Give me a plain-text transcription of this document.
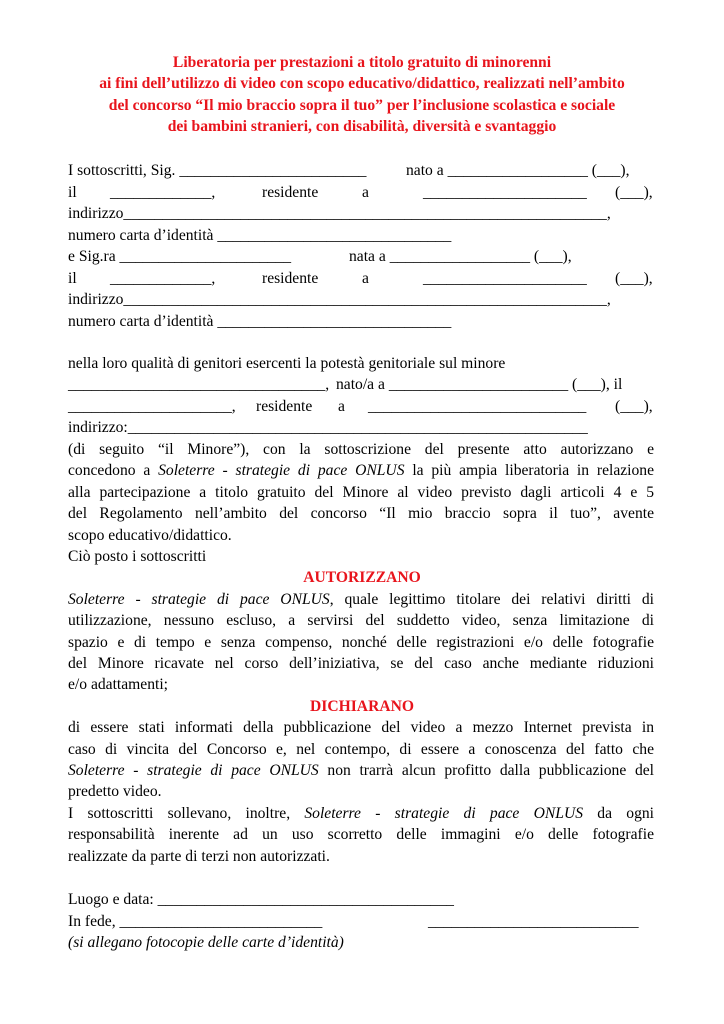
Liberatoria per prestazioni a titolo gratuito di minorenni
ai fini dell’utilizzo di video con scopo educativo/didattico, realizzati nell’ambito
del concorso “Il mio braccio sopra il tuo” per l’inclusione scolastica e sociale
dei bambini stranieri, con disabilità, diversità e svantaggio
I sottoscritti, Sig. ________________________	nato a __________________ (___),
il _____________,	residente	a	_____________________ (___),
indirizzo______________________________________________________________,
numero carta d’identità ______________________________
e Sig.ra ______________________	nata a __________________ (___),
il _____________,	residente	a	_____________________ (___),
indirizzo______________________________________________________________,
numero carta d’identità ______________________________
nella loro qualità di genitori esercenti la potestà genitoriale sul minore
_________________________________, nato/a a _______________________ (___), il
_____________________, residente a ____________________________ (___),
indirizzo:___________________________________________________________
(di seguito “il Minore”), con la sottoscrizione del presente atto autorizzano e
concedono a Soleterre - strategie di pace ONLUS la più ampia liberatoria in relazione
alla partecipazione a titolo gratuito del Minore al video previsto dagli articoli 4 e 5
del Regolamento nell’ambito del concorso “Il mio braccio sopra il tuo”, avente
scopo educativo/didattico.
Ciò posto i sottoscritti
AUTORIZZANO
Soleterre - strategie di pace ONLUS, quale legittimo titolare dei relativi diritti di
utilizzazione, nessuno escluso, a servirsi del suddetto video, senza limitazione di
spazio e di tempo e senza compenso, nonché delle registrazioni e/o delle fotografie
del Minore ricavate nel corso dell’iniziativa, se del caso anche mediante riduzioni
e/o adattamenti;
DICHIARANO
di essere stati informati della pubblicazione del video a mezzo Internet prevista in
caso di vincita del Concorso e, nel contempo, di essere a conoscenza del fatto che
Soleterre - strategie di pace ONLUS non trarrà alcun profitto dalla pubblicazione del
predetto video.
I sottoscritti sollevano, inoltre, Soleterre - strategie di pace ONLUS da ogni
responsabilità inerente ad un uso scorretto delle immagini e/o delle fotografie
realizzate da parte di terzi non autorizzati.
Luogo e data: ______________________________________
In fede, __________________________	___________________________
(si allegano fotocopie delle carte d’identità)
